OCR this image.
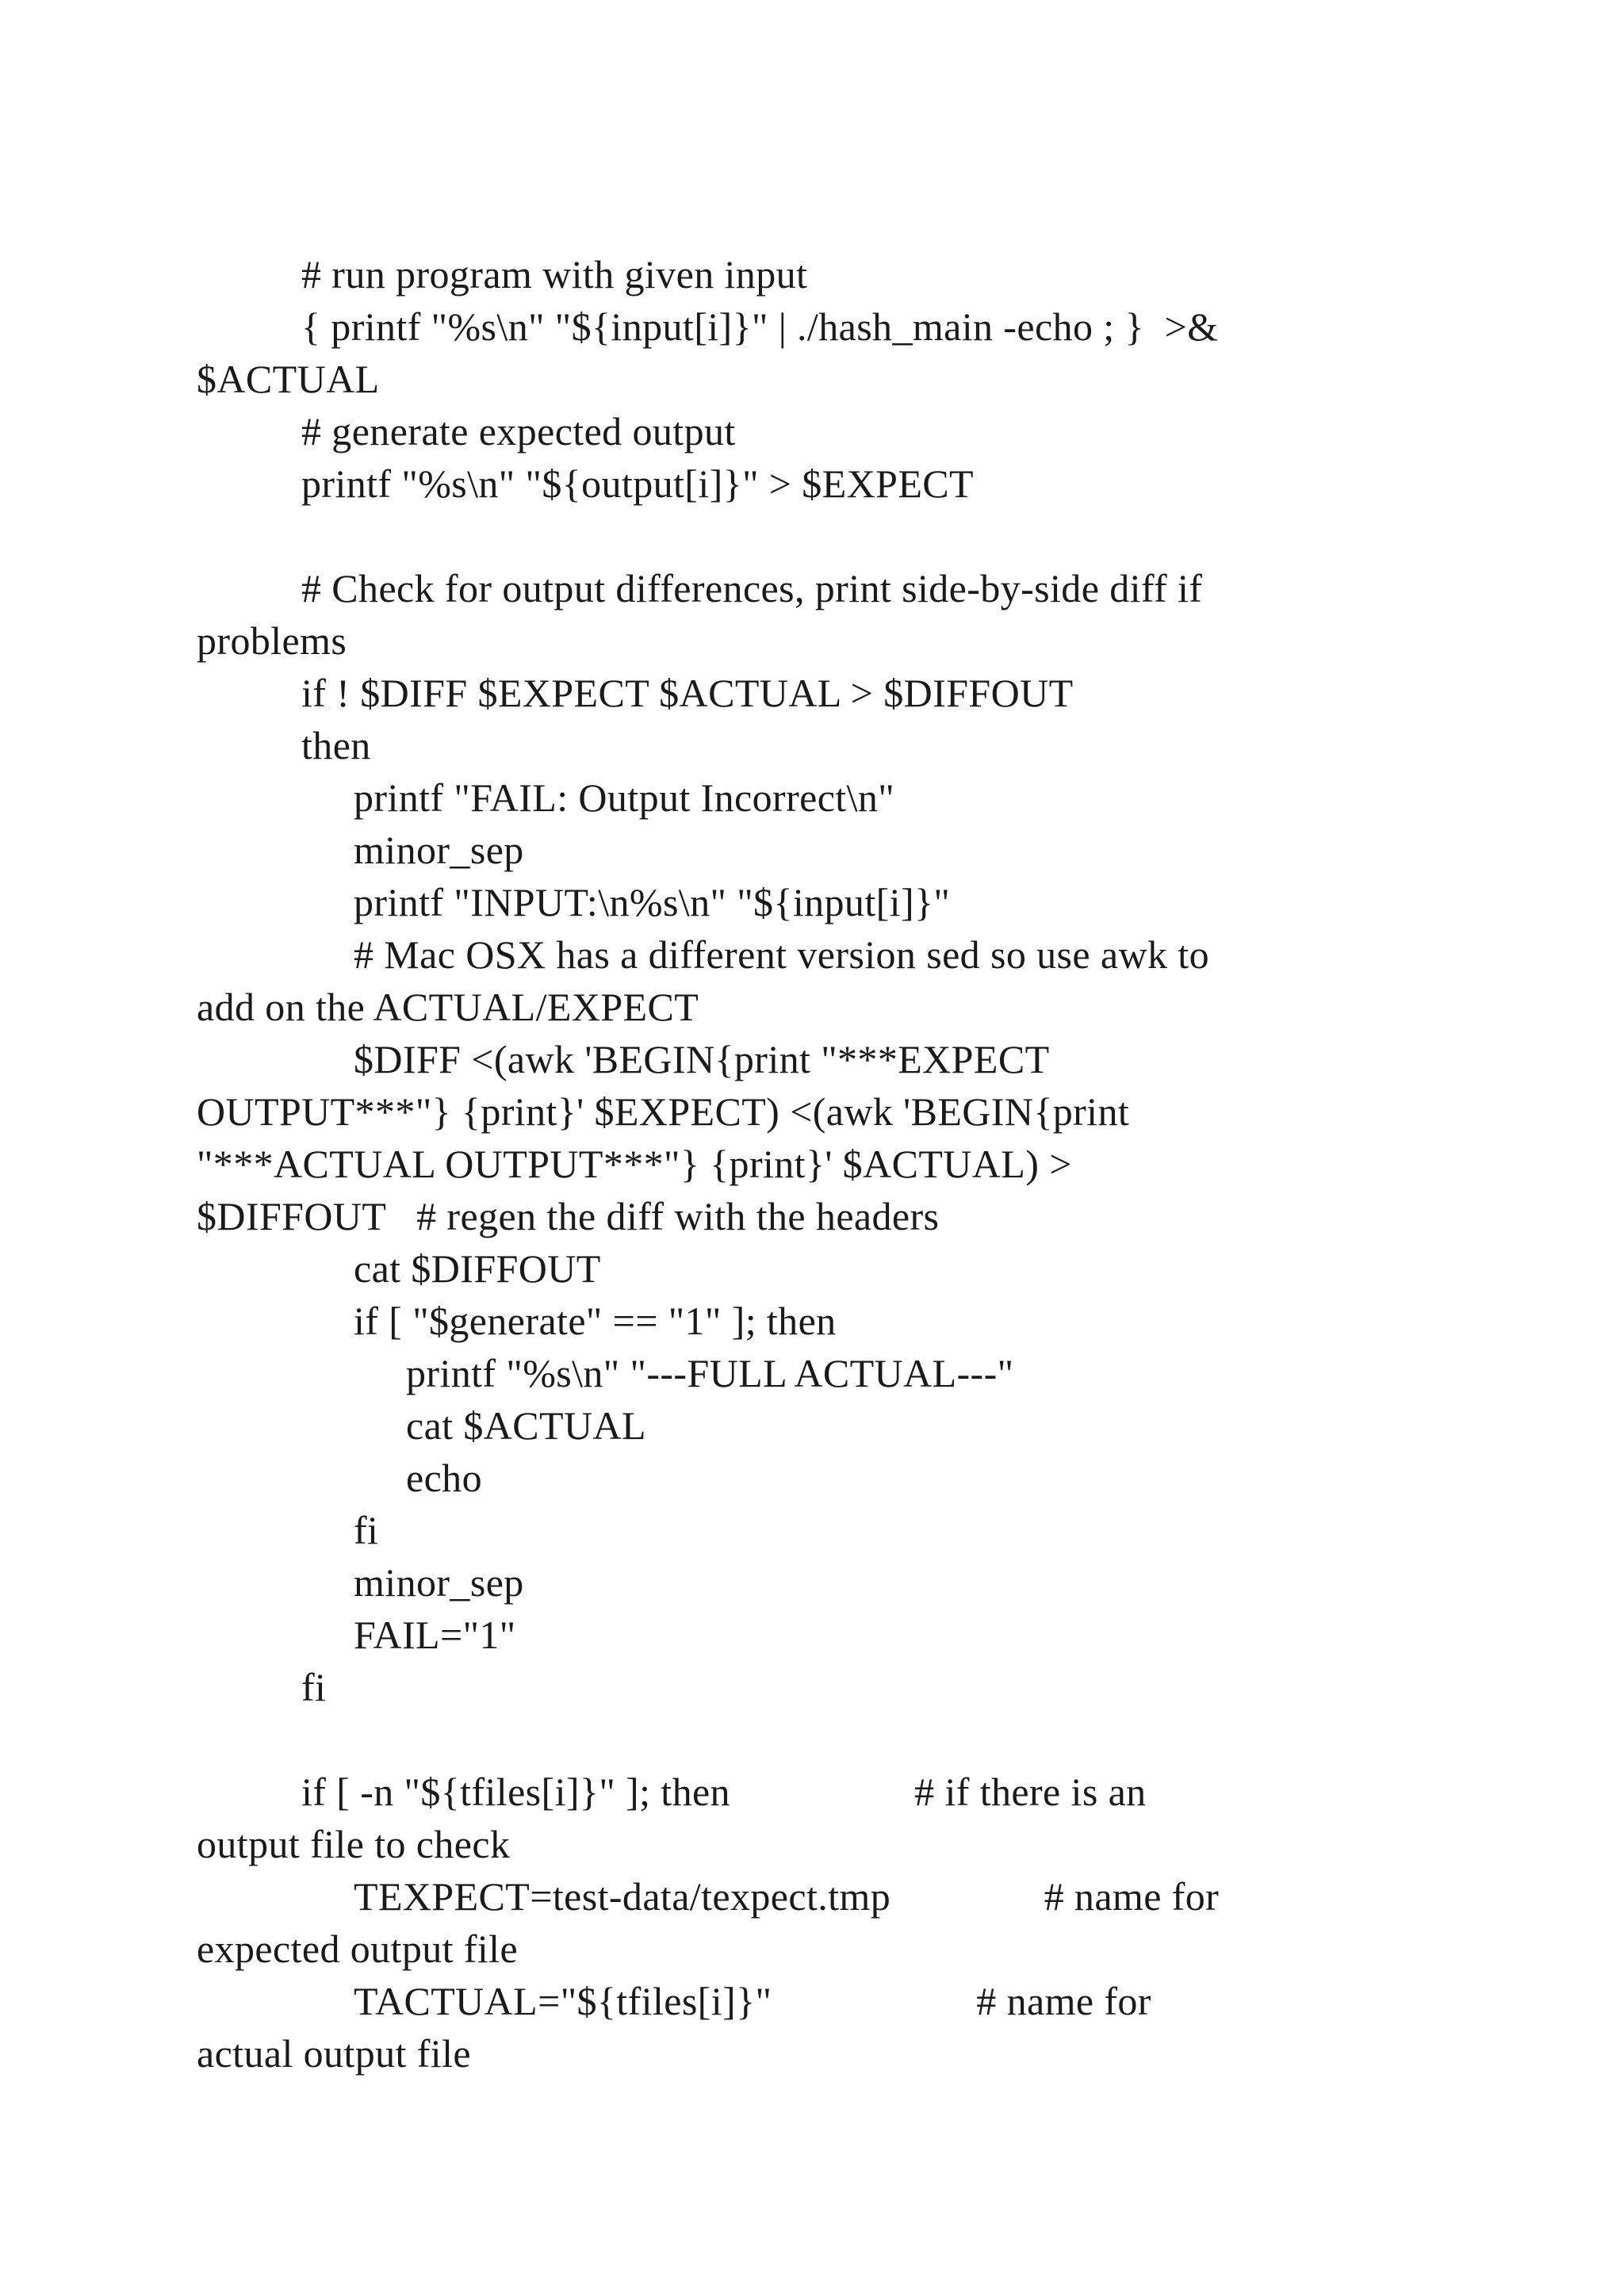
# run program with given input
{ printf "%s\n" "${input[i]}" | ./hash_main -echo ; }  >&
$ACTUAL
# generate expected output
printf "%s\n" "${output[i]}" > $EXPECT
# Check for output differences, print side-by-side diff if
problems
if ! $DIFF $EXPECT $ACTUAL > $DIFFOUT
then
printf "FAIL: Output Incorrect\n"
minor_sep
printf "INPUT:\n%s\n" "${input[i]}"
# Mac OSX has a different version sed so use awk to
add on the ACTUAL/EXPECT
$DIFF <(awk 'BEGIN{print "***EXPECT
OUTPUT***"} {print}' $EXPECT) <(awk 'BEGIN{print
"***ACTUAL OUTPUT***"} {print}' $ACTUAL) >
$DIFFOUT   # regen the diff with the headers
cat $DIFFOUT
if [ "$generate" == "1" ]; then
printf "%s\n" "---FULL ACTUAL---"
cat $ACTUAL
echo
fi
minor_sep
FAIL="1"
fi
if [ -n "${tfiles[i]}" ]; then                  # if there is an
output file to check
TEXPECT=test-data/texpect.tmp               # name for
expected output file
TACTUAL="${tfiles[i]}"                    # name for
actual output file
